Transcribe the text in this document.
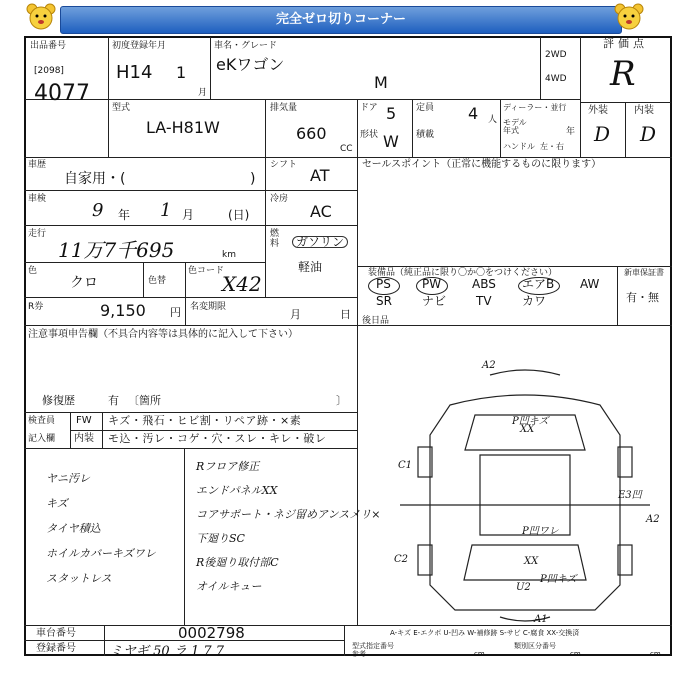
完全ゼロ切りコーナー
出品番号
[2098]
4077
初度登録年月
H14 1
月
車名・グレード
eKワゴン
M
2WD
4WD
評価点
R
型式
LA-H81W
排気量
660
CC
ドア 5
形状 W
定員 4 人
積載
ディーラー・並行
モデル年式	年
ハンドル 左・右
外装	内装
D D
車歴
自家用・(	)
車検
9 年 1 月	(日)
走行
11万7千695	km
色
クロ	色替
色コード
X42
R券	9,150 円 名変期限
月	日
シフト
AT
冷房
AC
燃料	ガソリン
軽油
セールスポイント（正常に機能するものに限ります）
装備品（純正品に限り〇か〇をつけください）	新車保証書
有・無
PS	PW	ABS エアB AW
SR	ナビ TV	カワ
後日品
注意事項申告欄（不具合内容等は具体的に記入して下さい）
修復歴	有 〔箇所	〕
検査員
記入欄
FW
内装
キズ・飛石・ヒビ割・リペア跡・×素
モ込・汚レ・コゲ・穴・スレ・キレ・破レ
ヤニ汚レ
キズ
タイヤ積込
ホイルカバーキズワレ
スタットレス
Rフロア修正
エンドパネルXX
コアサポート・ネジ留めアンスメリ×
下廻りSC
R後廻り取付部C
オイルキュー
A2
P凹キズ
XX
C1
E3凹
A2
P凹ワレ
C2	XX
P凹キズ
U2
A1
車台番号	0002798
登録番号	ミヤギ 50 ラ 1 7 7
A-キズ E-エクボ U-凹み W-補修跡 S-サビ C-腐食 XX-交換済
型式指定番号	類別区分番号
参考	cm	cm	cm
